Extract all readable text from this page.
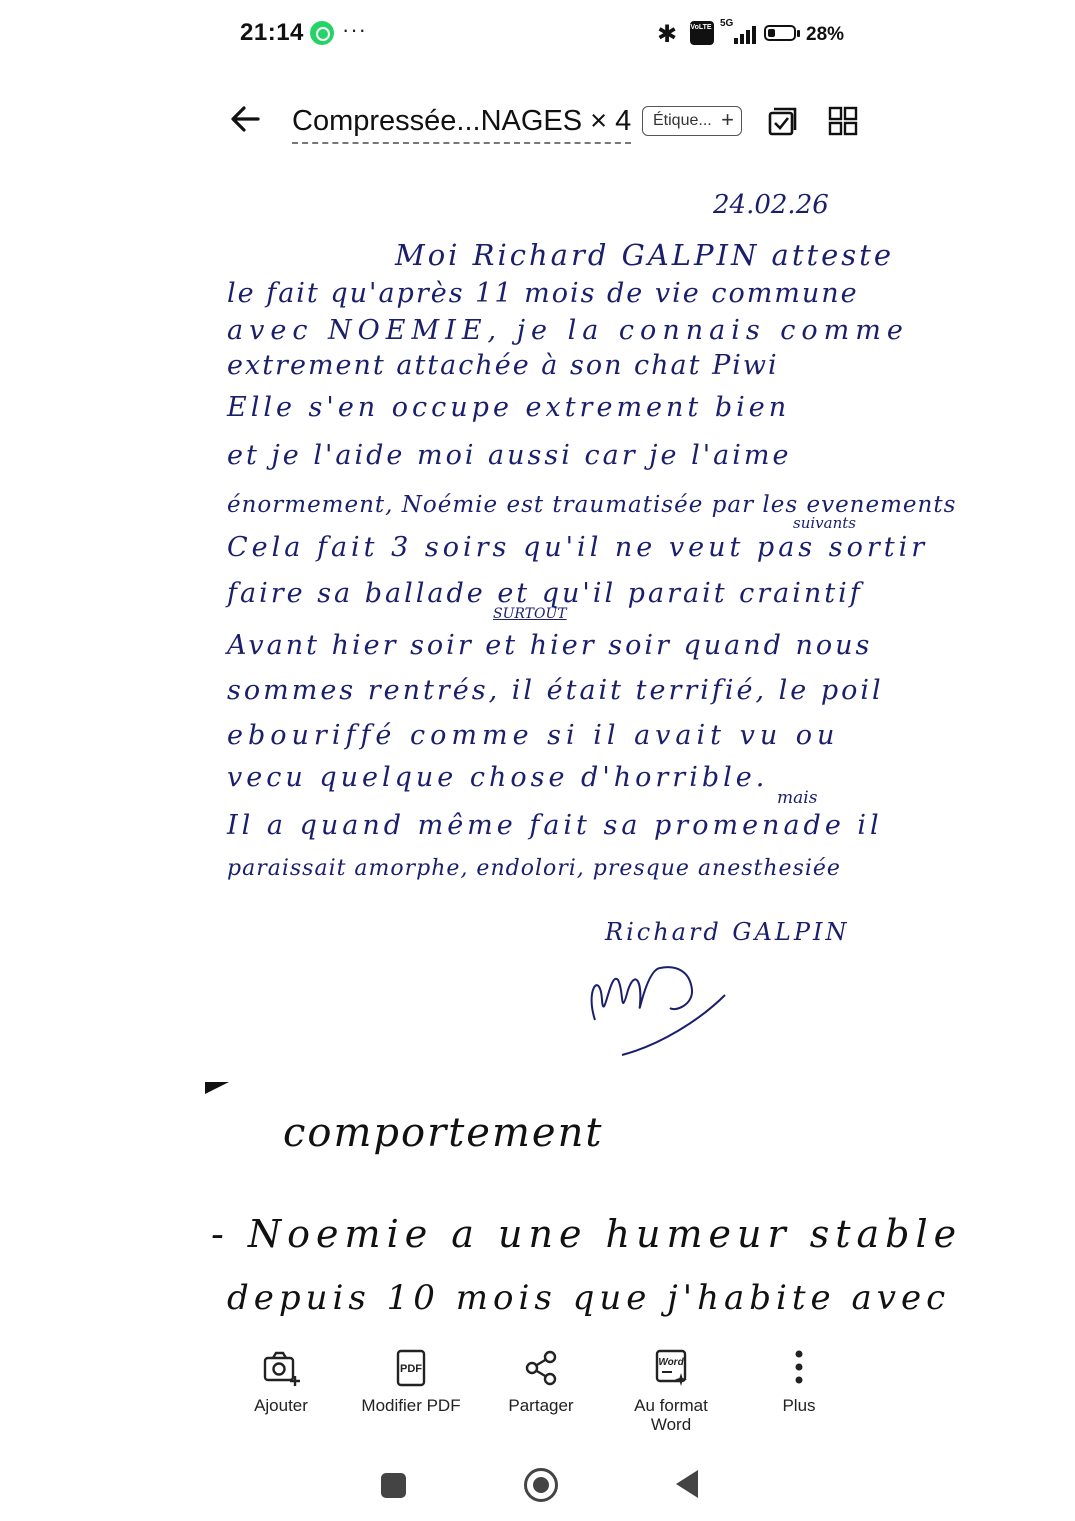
21:14 ···	✱ VoLTE 5G
28%
Compressée...NAGES × 4	Étique... +
24.02.26
Moi Richard GALPIN atteste
le fait qu'après 11 mois de vie commune
avec NOEMIE, je la connais comme
extrement attachée à son chat Piwi
Elle s'en occupe extrement bien
et je l'aide moi aussi car je l'aime
énormement, Noémie est traumatisée par les evenements
suivants
Cela fait 3 soirs qu'il ne veut pas sortir
faire sa ballade et qu'il parait craintif
SURTOUT
Avant hier soir et hier soir quand nous
sommes rentrés, il était terrifié, le poil
ebouriffé comme si il avait vu ou
vecu quelque chose d'horrible.
mais
Il a quand même fait sa promenade il
paraissait amorphe, endolori, presque anesthesiée
Richard GALPIN
comportement
- Noemie a une humeur stable
depuis 10 mois que j'habite avec
Ajouter
PDF
Modifier PDF	Partager
Word
Au format
Word
Plus
